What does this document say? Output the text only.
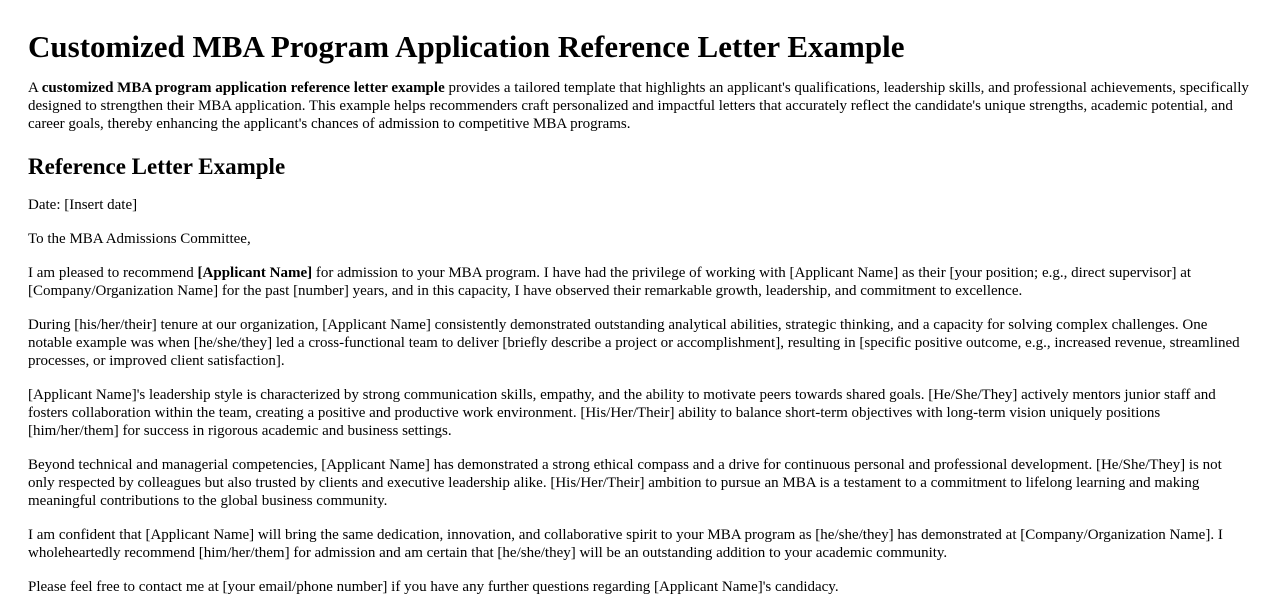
Customized MBA Program Application Reference Letter Example

A customized MBA program application reference letter example provides a tailored template that highlights an applicant's qualifications, leadership skills, and professional achievements, specifically designed to strengthen their MBA application. This example helps recommenders craft personalized and impactful letters that accurately reflect the candidate's unique strengths, academic potential, and career goals, thereby enhancing the applicant's chances of admission to competitive MBA programs.

Reference Letter Example

Date: [Insert date]

To the MBA Admissions Committee,

I am pleased to recommend [Applicant Name] for admission to your MBA program. I have had the privilege of working with [Applicant Name] as their [your position; e.g., direct supervisor] at [Company/Organization Name] for the past [number] years, and in this capacity, I have observed their remarkable growth, leadership, and commitment to excellence.

During [his/her/their] tenure at our organization, [Applicant Name] consistently demonstrated outstanding analytical abilities, strategic thinking, and a capacity for solving complex challenges. One notable example was when [he/she/they] led a cross-functional team to deliver [briefly describe a project or accomplishment], resulting in [specific positive outcome, e.g., increased revenue, streamlined processes, or improved client satisfaction].

[Applicant Name]'s leadership style is characterized by strong communication skills, empathy, and the ability to motivate peers towards shared goals. [He/She/They] actively mentors junior staff and fosters collaboration within the team, creating a positive and productive work environment. [His/Her/Their] ability to balance short-term objectives with long-term vision uniquely positions [him/her/them] for success in rigorous academic and business settings.

Beyond technical and managerial competencies, [Applicant Name] has demonstrated a strong ethical compass and a drive for continuous personal and professional development. [He/She/They] is not only respected by colleagues but also trusted by clients and executive leadership alike. [His/Her/Their] ambition to pursue an MBA is a testament to a commitment to lifelong learning and making meaningful contributions to the global business community.

I am confident that [Applicant Name] will bring the same dedication, innovation, and collaborative spirit to your MBA program as [he/she/they] has demonstrated at [Company/Organization Name]. I wholeheartedly recommend [him/her/them] for admission and am certain that [he/she/they] will be an outstanding addition to your academic community.

Please feel free to contact me at [your email/phone number] if you have any further questions regarding [Applicant Name]'s candidacy.
